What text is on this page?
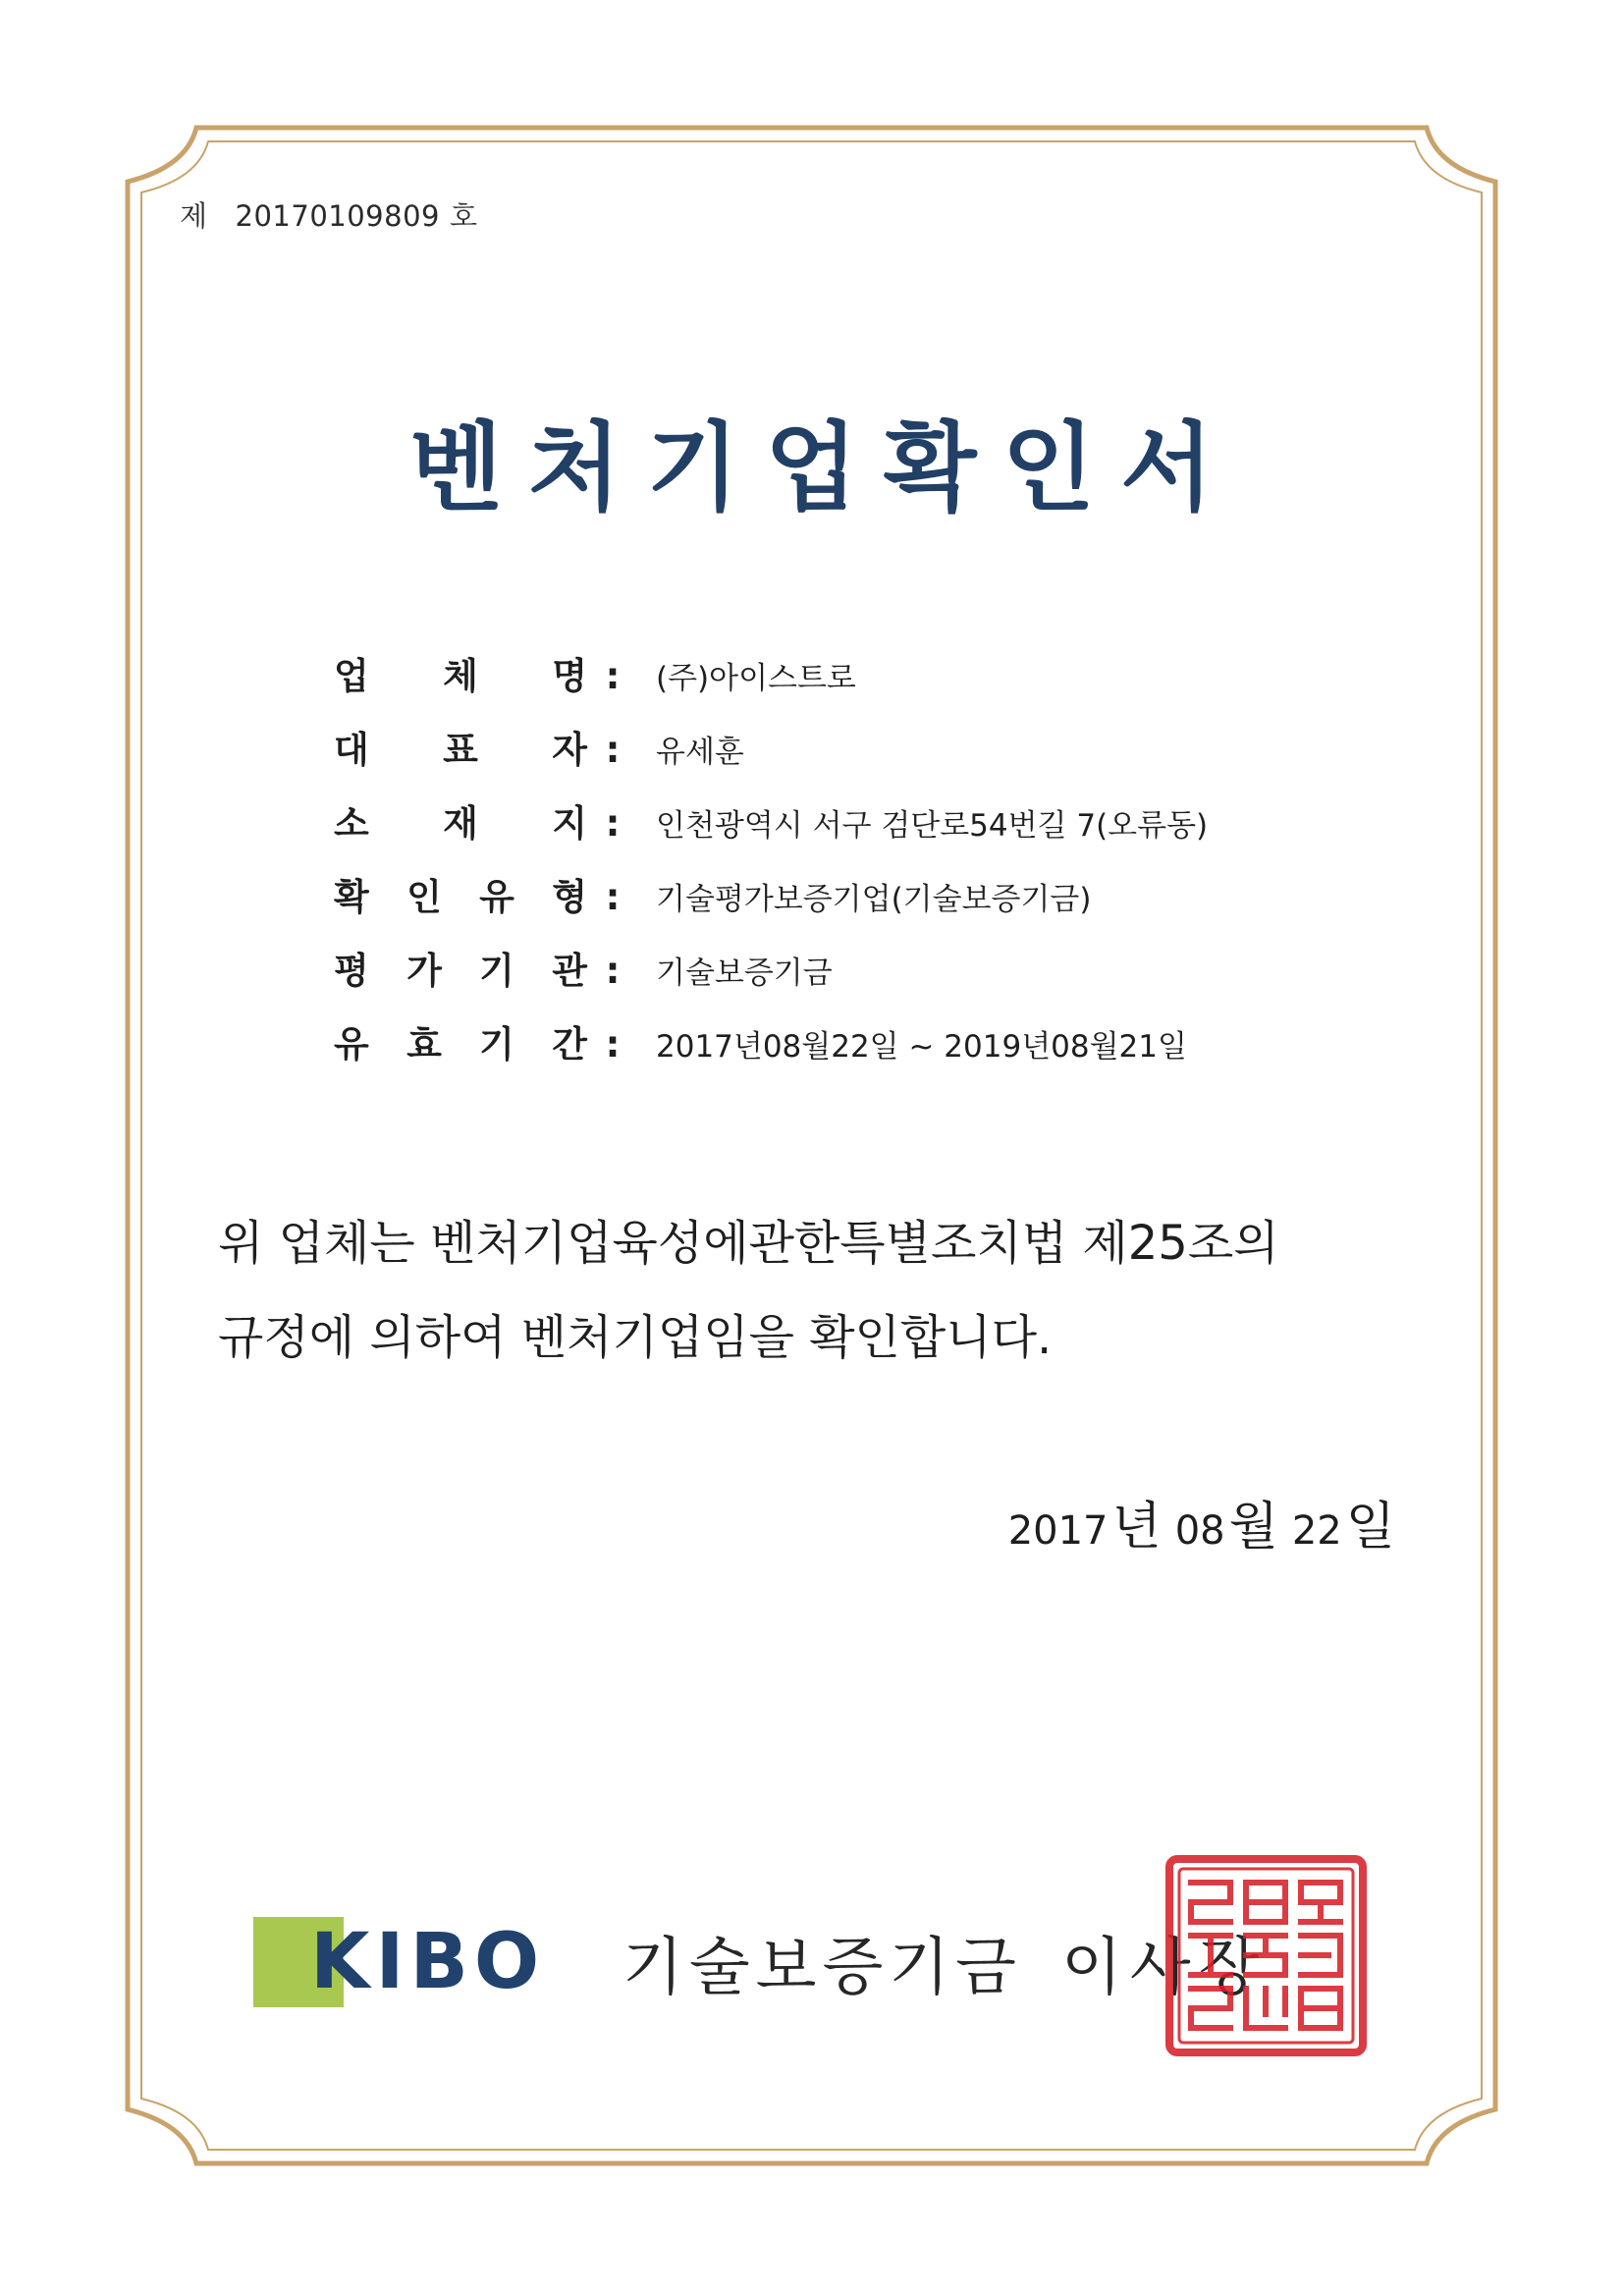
제 20170109809 호
벤처기업확인서
업 체 명 :	(주)아이스트로
대 표 자 :	유세훈
소 재 지 :	인천광역시 서구 검단로54번길 7(오류동)
확 인 유 형 :	기술평가보증기업(기술보증기금)
평 가 기 관 :	기술보증기금
유 효 기 간 :	2017년08월22일 ~ 2019년08월21일

위 업체는 벤처기업육성에관한특별조치법 제25조의

규정에 의하여 벤처기업임을 확인합니다.

2017년 08월 22일
KIBO 기술보증기금 이사장
